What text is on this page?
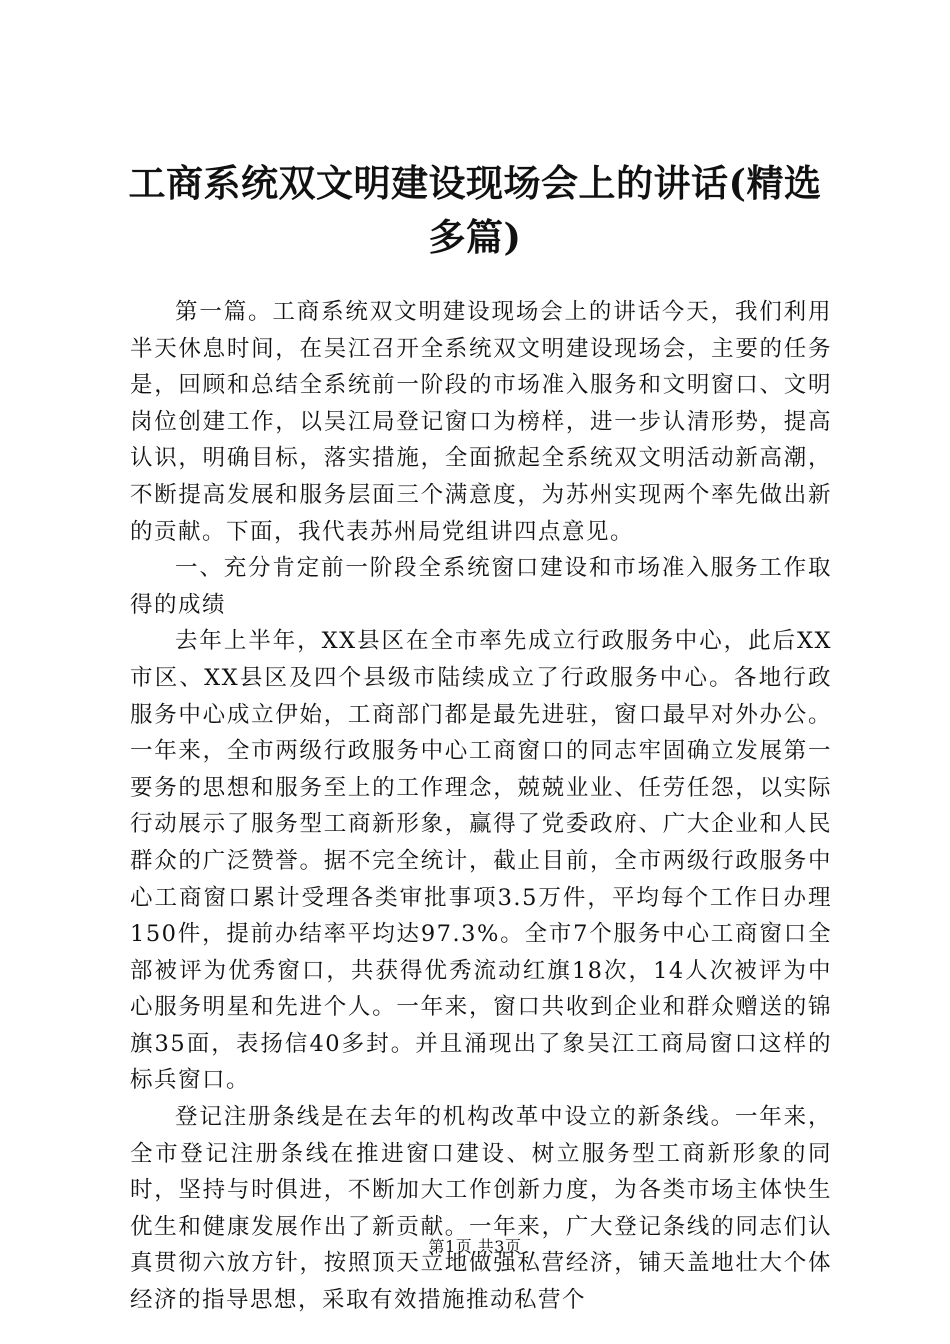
工商系统双文明建设现场会上的讲话(精选多篇)

第一篇。工商系统双文明建设现场会上的讲话今天，我们利用半天休息时间，在吴江召开全系统双文明建设现场会，主要的任务是，回顾和总结全系统前一阶段的市场准入服务和文明窗口、文明岗位创建工作，以吴江局登记窗口为榜样，进一步认清形势，提高认识，明确目标，落实措施，全面掀起全系统双文明活动新高潮，不断提高发展和服务层面三个满意度，为苏州实现两个率先做出新的贡献。下面，我代表苏州局党组讲四点意见。

一、充分肯定前一阶段全系统窗口建设和市场准入服务工作取得的成绩

去年上半年，XX县区在全市率先成立行政服务中心，此后XX市区、XX县区及四个县级市陆续成立了行政服务中心。各地行政服务中心成立伊始，工商部门都是最先进驻，窗口最早对外办公。一年来，全市两级行政服务中心工商窗口的同志牢固确立发展第一要务的思想和服务至上的工作理念，兢兢业业、任劳任怨，以实际行动展示了服务型工商新形象，赢得了党委政府、广大企业和人民群众的广泛赞誉。据不完全统计，截止目前，全市两级行政服务中心工商窗口累计受理各类审批事项3.5万件，平均每个工作日办理150件，提前办结率平均达97.3%。全市7个服务中心工商窗口全部被评为优秀窗口，共获得优秀流动红旗18次，14人次被评为中心服务明星和先进个人。一年来，窗口共收到企业和群众赠送的锦旗35面，表扬信40多封。并且涌现出了象吴江工商局窗口这样的标兵窗口。

登记注册条线是在去年的机构改革中设立的新条线。一年来，全市登记注册条线在推进窗口建设、树立服务型工商新形象的同时，坚持与时俱进，不断加大工作创新力度，为各类市场主体快生优生和健康发展作出了新贡献。一年来，广大登记条线的同志们认真贯彻六放方针，按照顶天立地做强私营经济，铺天盖地壮大个体经济的指导思想，采取有效措施推动私营个

第1页 共3页
